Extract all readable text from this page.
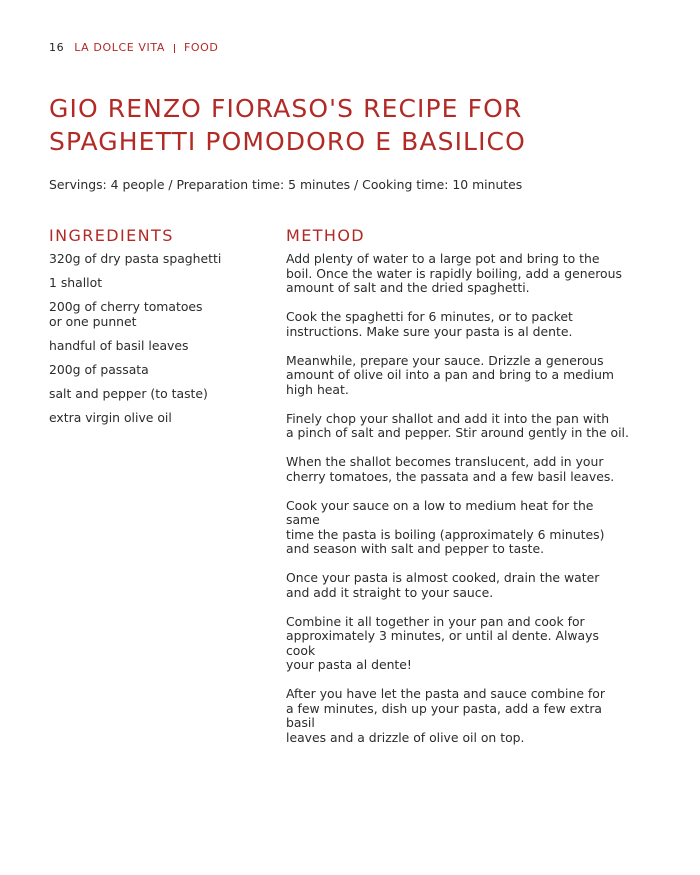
16 LA DOLCE VITA FOOD
GIO RENZO FIORASO'S RECIPE FOR SPAGHETTI POMODORO E BASILICO
Servings: 4 people / Preparation time: 5 minutes / Cooking time: 10 minutes
INGREDIENTS
320g of dry pasta spaghetti
1 shallot
200g of cherry tomatoes
or one punnet
handful of basil leaves
200g of passata
salt and pepper (to taste)
extra virgin olive oil
METHOD
Add plenty of water to a large pot and bring to the
boil. Once the water is rapidly boiling, add a generous
amount of salt and the dried spaghetti.
Cook the spaghetti for 6 minutes, or to packet
instructions. Make sure your pasta is al dente.
Meanwhile, prepare your sauce. Drizzle a generous
amount of olive oil into a pan and bring to a medium
high heat.
Finely chop your shallot and add it into the pan with
a pinch of salt and pepper. Stir around gently in the oil.
When the shallot becomes translucent, add in your
cherry tomatoes, the passata and a few basil leaves.
Cook your sauce on a low to medium heat for the same
time the pasta is boiling (approximately 6 minutes)
and season with salt and pepper to taste.
Once your pasta is almost cooked, drain the water
and add it straight to your sauce.
Combine it all together in your pan and cook for
approximately 3 minutes, or until al dente. Always cook
your pasta al dente!
After you have let the pasta and sauce combine for
a few minutes, dish up your pasta, add a few extra basil
leaves and a drizzle of olive oil on top.
